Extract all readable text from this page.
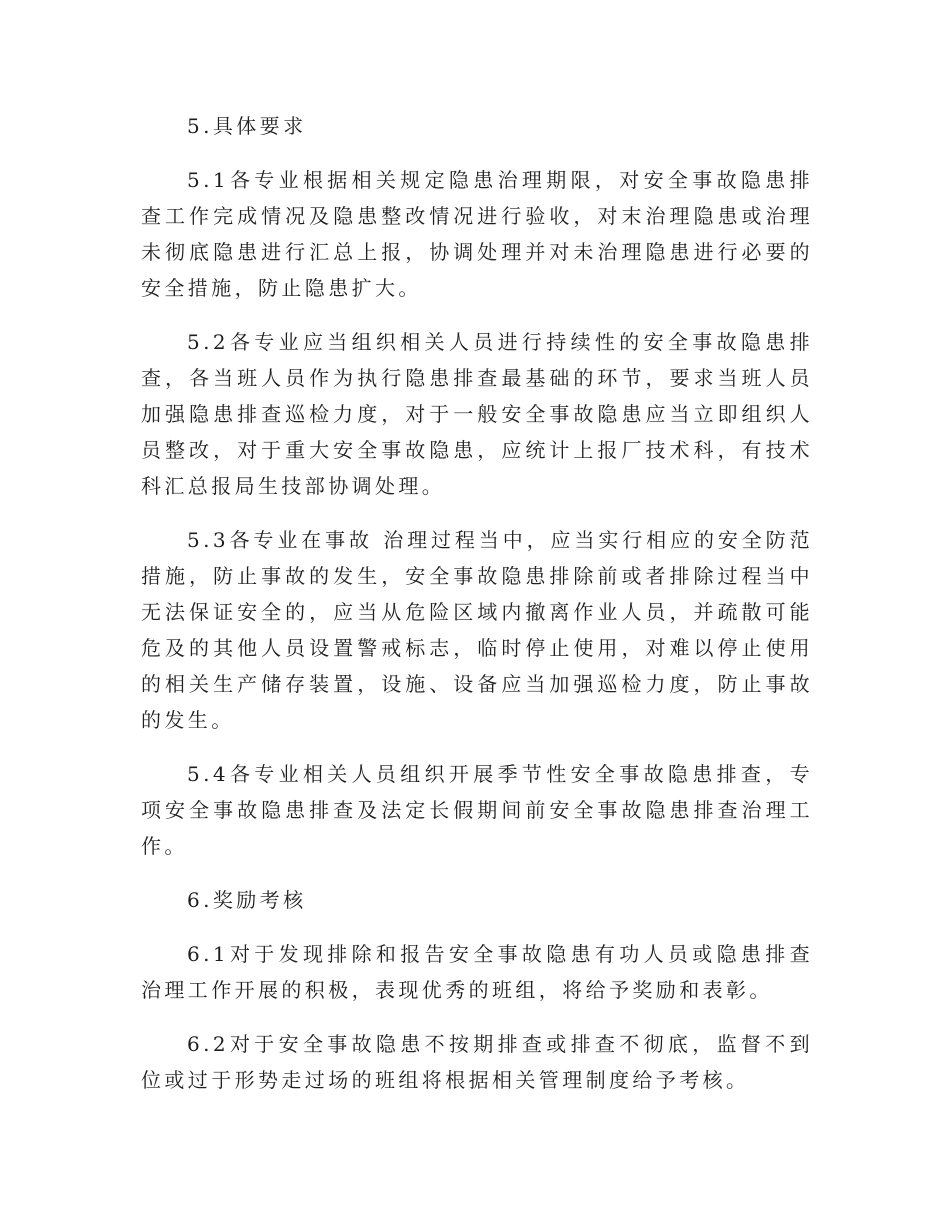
5.具体要求

5.1各专业根据相关规定隐患治理期限，对安全事故隐患排查工作完成情况及隐患整改情况进行验收，对末治理隐患或治理未彻底隐患进行汇总上报，协调处理并对未治理隐患进行必要的安全措施，防止隐患扩大。

5.2各专业应当组织相关人员进行持续性的安全事故隐患排查，各当班人员作为执行隐患排查最基础的环节，要求当班人员加强隐患排查巡检力度，对于一般安全事故隐患应当立即组织人员整改，对于重大安全事故隐患，应统计上报厂技术科，有技术科汇总报局生技部协调处理。

5.3各专业在事故 治理过程当中，应当实行相应的安全防范措施，防止事故的发生，安全事故隐患排除前或者排除过程当中无法保证安全的，应当从危险区域内撤离作业人员，并疏散可能危及的其他人员设置警戒标志，临时停止使用，对难以停止使用的相关生产储存装置，设施、设备应当加强巡检力度，防止事故的发生。

5.4各专业相关人员组织开展季节性安全事故隐患排查，专项安全事故隐患排查及法定长假期间前安全事故隐患排查治理工作。

6.奖励考核

6.1对于发现排除和报告安全事故隐患有功人员或隐患排查治理工作开展的积极，表现优秀的班组，将给予奖励和表彰。

6.2对于安全事故隐患不按期排查或排查不彻底，监督不到位或过于形势走过场的班组将根据相关管理制度给予考核。
